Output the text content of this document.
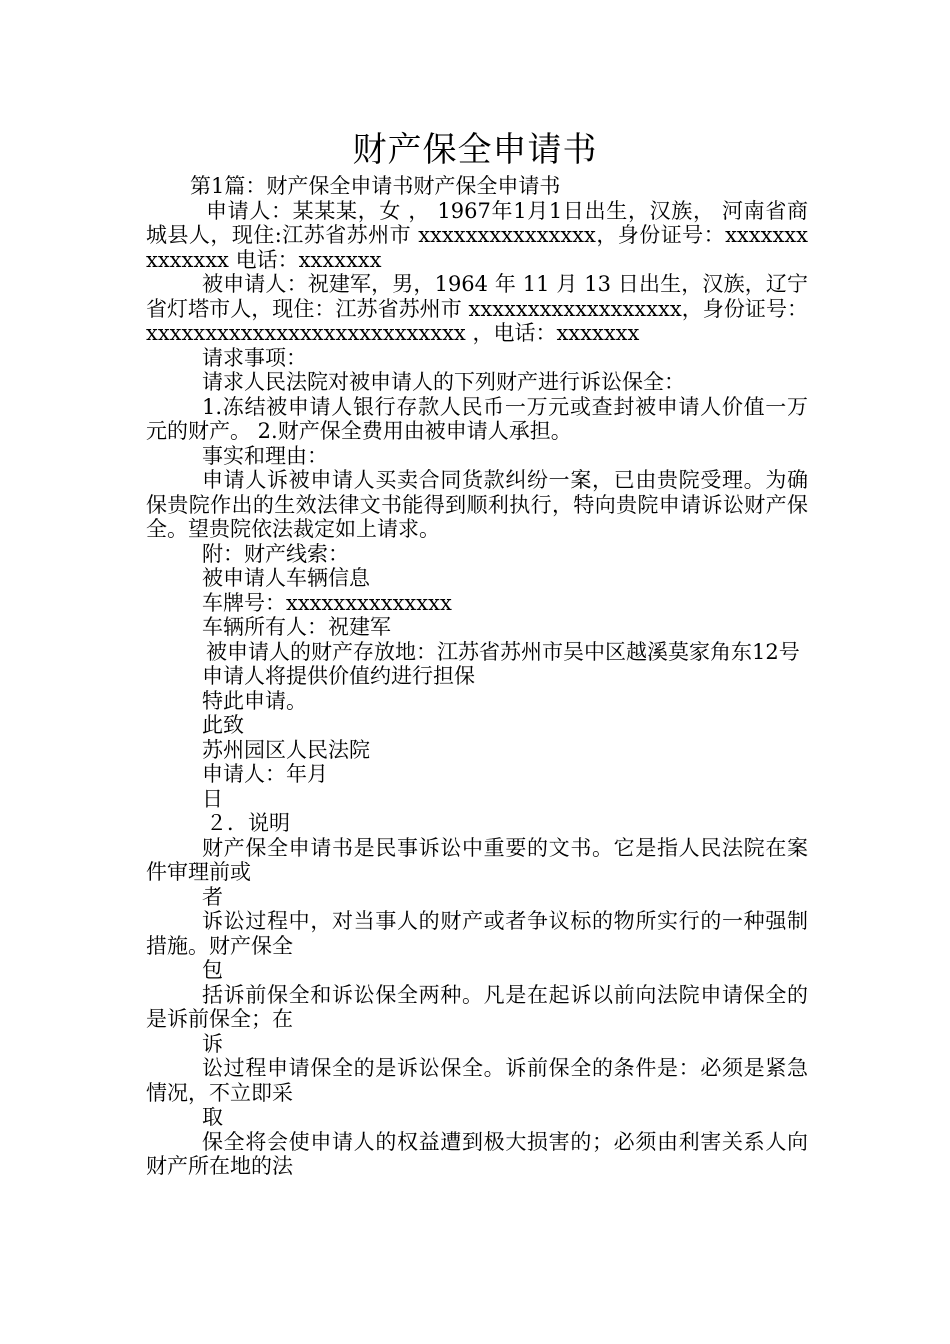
财产保全申请书

第1篇：财产保全申请书财产保全申请书

申请人：某某某，女 ， 1967年1月1日出生，汉族， 河南省商城县人，现住:江苏省苏州市 xxxxxxxxxxxxxxx，身份证号：xxxxxxxxxxxxxx 电话：xxxxxxx

被申请人：祝建军，男，1964 年 11 月 13 日出生，汉族，辽宁省灯塔市人，现住：江苏省苏州市 xxxxxxxxxxxxxxxxxx，身份证号：xxxxxxxxxxxxxxxxxxxxxxxxxxx ，电话：xxxxxxx

请求事项：

请求人民法院对被申请人的下列财产进行诉讼保全：

1.冻结被申请人银行存款人民币一万元或查封被申请人价值一万元的财产。 2.财产保全费用由被申请人承担。

事实和理由：

申请人诉被申请人买卖合同货款纠纷一案，已由贵院受理。为确保贵院作出的生效法律文书能得到顺利执行，特向贵院申请诉讼财产保全。望贵院依法裁定如上请求。

附：财产线索：

被申请人车辆信息

车牌号：xxxxxxxxxxxxxx

车辆所有人：祝建军

被申请人的财产存放地：江苏省苏州市吴中区越溪莫家角东12号

申请人将提供价值约进行担保

特此申请。

此致

苏州园区人民法院

申请人：年月

日

２．说明

财产保全申请书是民事诉讼中重要的文书。它是指人民法院在案件审理前或

者

诉讼过程中，对当事人的财产或者争议标的物所实行的一种强制措施。财产保全

包

括诉前保全和诉讼保全两种。凡是在起诉以前向法院申请保全的是诉前保全；在

诉

讼过程申请保全的是诉讼保全。诉前保全的条件是：必须是紧急情况，不立即采

取

保全将会使申请人的权益遭到极大损害的；必须由利害关系人向财产所在地的法
